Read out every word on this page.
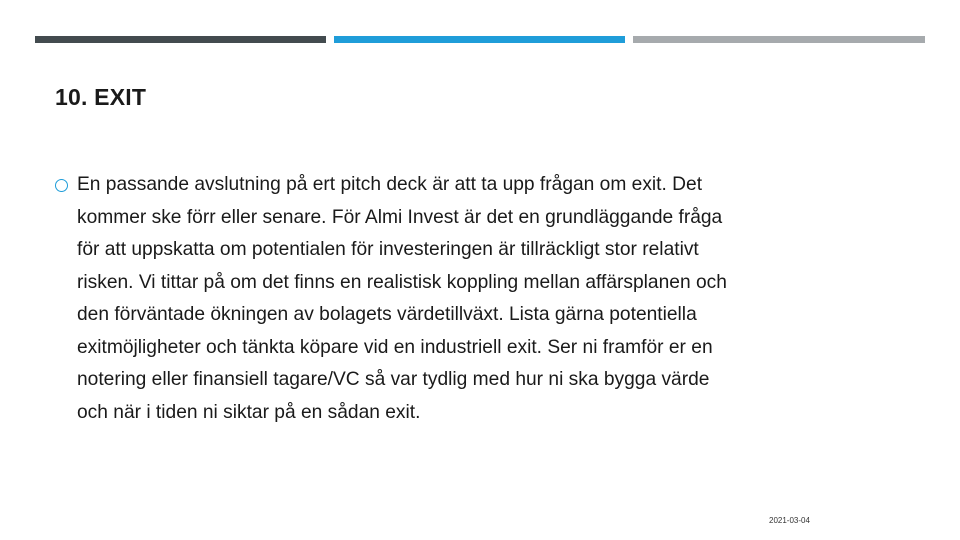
10. EXIT
En passande avslutning på ert pitch deck är att ta upp frågan om exit. Det
kommer ske förr eller senare. För Almi Invest är det en grundläggande fråga
för att uppskatta om potentialen för investeringen är tillräckligt stor relativt
risken. Vi tittar på om det finns en realistisk koppling mellan affärsplanen och
den förväntade ökningen av bolagets värdetillväxt. Lista gärna potentiella
exitmöjligheter och tänkta köpare vid en industriell exit. Ser ni framför er en
notering eller finansiell tagare/VC så var tydlig med hur ni ska bygga värde
och när i tiden ni siktar på en sådan exit.
2021-03-04
